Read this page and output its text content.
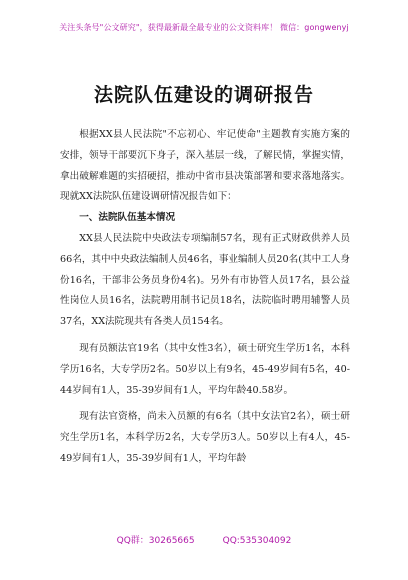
关注头条号"公文研究"，获得最新最全最专业的公文资料库！ 微信：gongwenyj
法院队伍建设的调研报告

根据XX县人民法院"不忘初心、牢记使命"主题教育实施方案的安排，领导干部要沉下身子，深入基层一线，了解民情，掌握实情，拿出破解难题的实招硬招，推动中省市县决策部署和要求落地落实。现就XX法院队伍建设调研情况报告如下：

一、法院队伍基本情况

XX县人民法院中央政法专项编制57名，现有正式财政供养人员66名，其中中央政法编制人员46名，事业编制人员20名(其中工人身份16名，干部非公务员身份4名)。另外有市协管人员17名，县公益性岗位人员16名，法院聘用制书记员18名，法院临时聘用辅警人员37名，XX法院现共有各类人员154名。

现有员额法官19名（其中女性3名），硕士研究生学历1名，本科学历16名，大专学历2名。50岁以上有9名，45-49岁间有5名，40-44岁间有1人，35-39岁间有1人，平均年龄40.58岁。

现有法官资格，尚未入员额的有6名（其中女法官2名），硕士研究生学历1名，本科学历2名，大专学历3人。50岁以上有4人，45-49岁间有1人，35-39岁间有1人，平均年龄

QQ群：30265665	QQ:535304092
